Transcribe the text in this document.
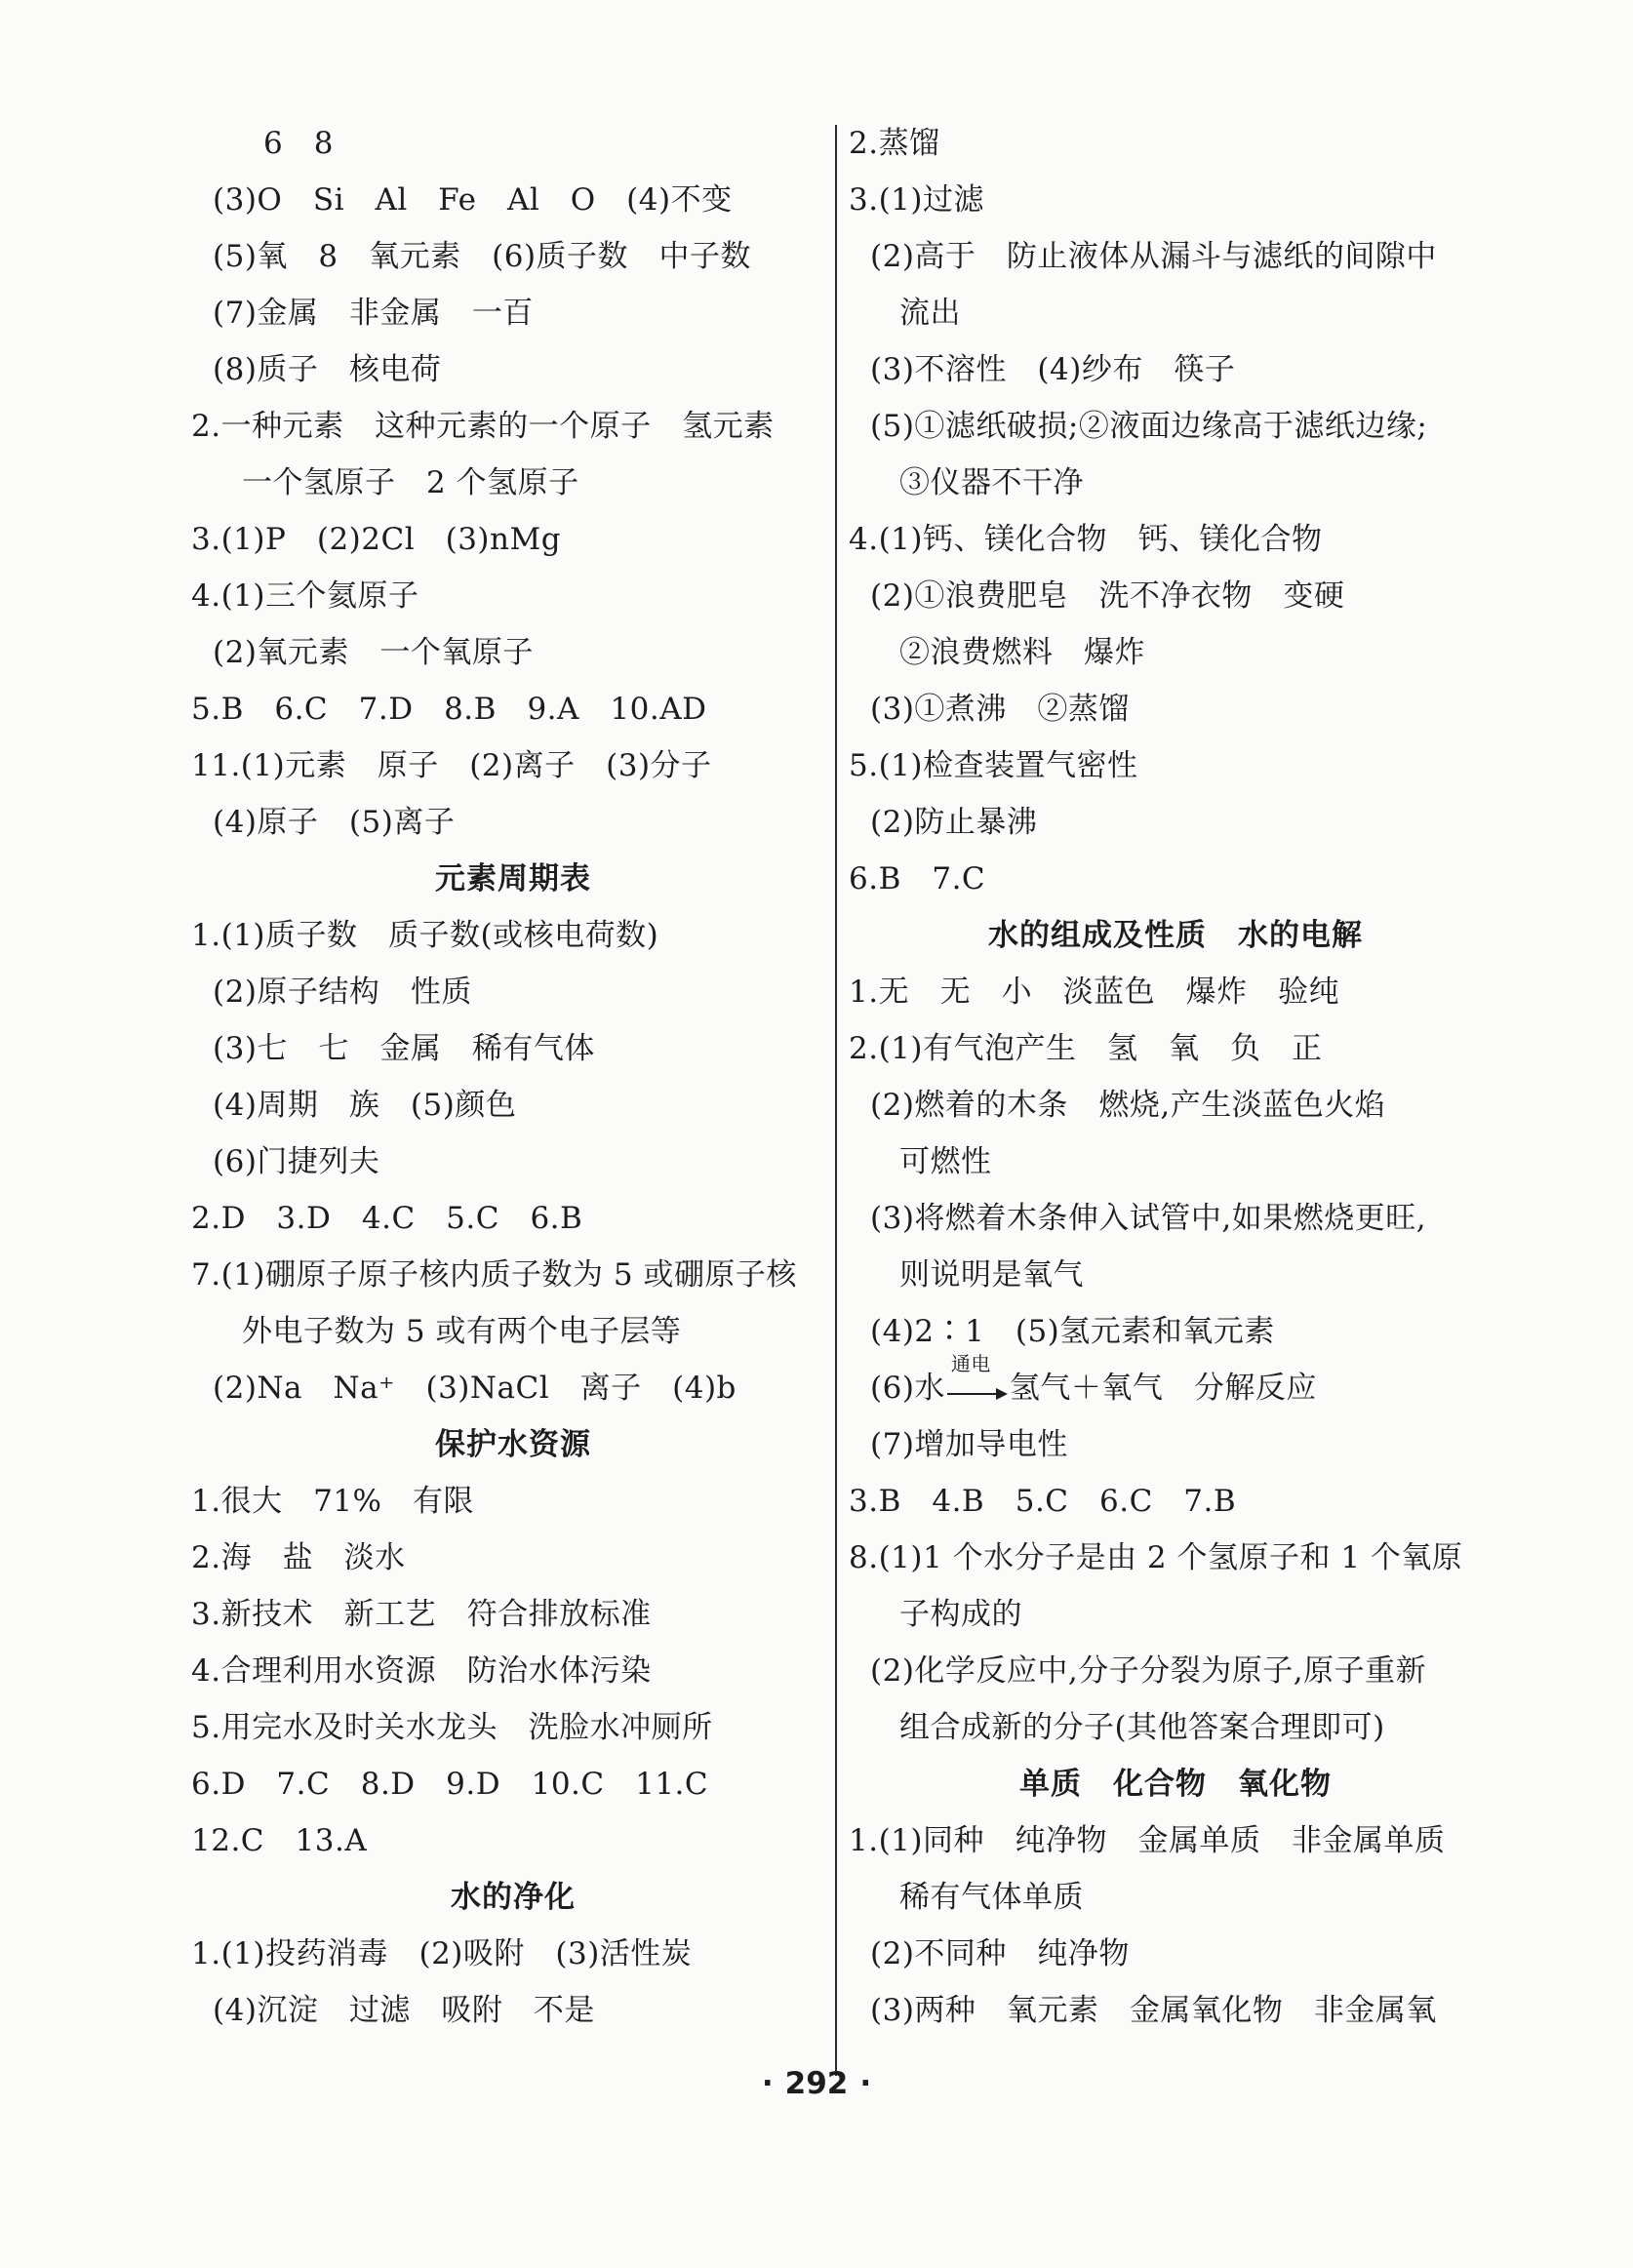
6　8
(3)O　Si　Al　Fe　Al　O　(4)不变
(5)氧　8　氧元素　(6)质子数　中子数
(7)金属　非金属　一百
(8)质子　核电荷
2.一种元素　这种元素的一个原子　氢元素
一个氢原子　2 个氢原子
3.(1)P　(2)2Cl　(3)nMg
4.(1)三个氦原子
(2)氧元素　一个氧原子
5.B　6.C　7.D　8.B　9.A　10.AD
11.(1)元素　原子　(2)离子　(3)分子
(4)原子　(5)离子
元素周期表
1.(1)质子数　质子数(或核电荷数)
(2)原子结构　性质
(3)七　七　金属　稀有气体
(4)周期　族　(5)颜色
(6)门捷列夫
2.D　3.D　4.C　5.C　6.B
7.(1)硼原子原子核内质子数为 5 或硼原子核
外电子数为 5 或有两个电子层等
(2)Na　Na⁺　(3)NaCl　离子　(4)b
保护水资源
1.很大　71%　有限
2.海　盐　淡水
3.新技术　新工艺　符合排放标准
4.合理利用水资源　防治水体污染
5.用完水及时关水龙头　洗脸水冲厕所
6.D　7.C　8.D　9.D　10.C　11.C
12.C　13.A
水的净化
1.(1)投药消毒　(2)吸附　(3)活性炭
(4)沉淀　过滤　吸附　不是
2.蒸馏
3.(1)过滤
(2)高于　防止液体从漏斗与滤纸的间隙中
流出
(3)不溶性　(4)纱布　筷子
(5)①滤纸破损;②液面边缘高于滤纸边缘;
③仪器不干净
4.(1)钙、镁化合物　钙、镁化合物
(2)①浪费肥皂　洗不净衣物　变硬
②浪费燃料　爆炸
(3)①煮沸　②蒸馏
5.(1)检查装置气密性
(2)防止暴沸
6.B　7.C
水的组成及性质　水的电解
1.无　无　小　淡蓝色　爆炸　验纯
2.(1)有气泡产生　氢　氧　负　正
(2)燃着的木条　燃烧,产生淡蓝色火焰
可燃性
(3)将燃着木条伸入试管中,如果燃烧更旺,
则说明是氧气
(4)2∶1　(5)氢元素和氧元素
(6)水
通电
氢气＋氧气　分解反应
(7)增加导电性
3.B　4.B　5.C　6.C　7.B
8.(1)1 个水分子是由 2 个氢原子和 1 个氧原
子构成的
(2)化学反应中,分子分裂为原子,原子重新
组合成新的分子(其他答案合理即可)
单质　化合物　氧化物
1.(1)同种　纯净物　金属单质　非金属单质
稀有气体单质
(2)不同种　纯净物
(3)两种　氧元素　金属氧化物　非金属氧
· 292 ·
